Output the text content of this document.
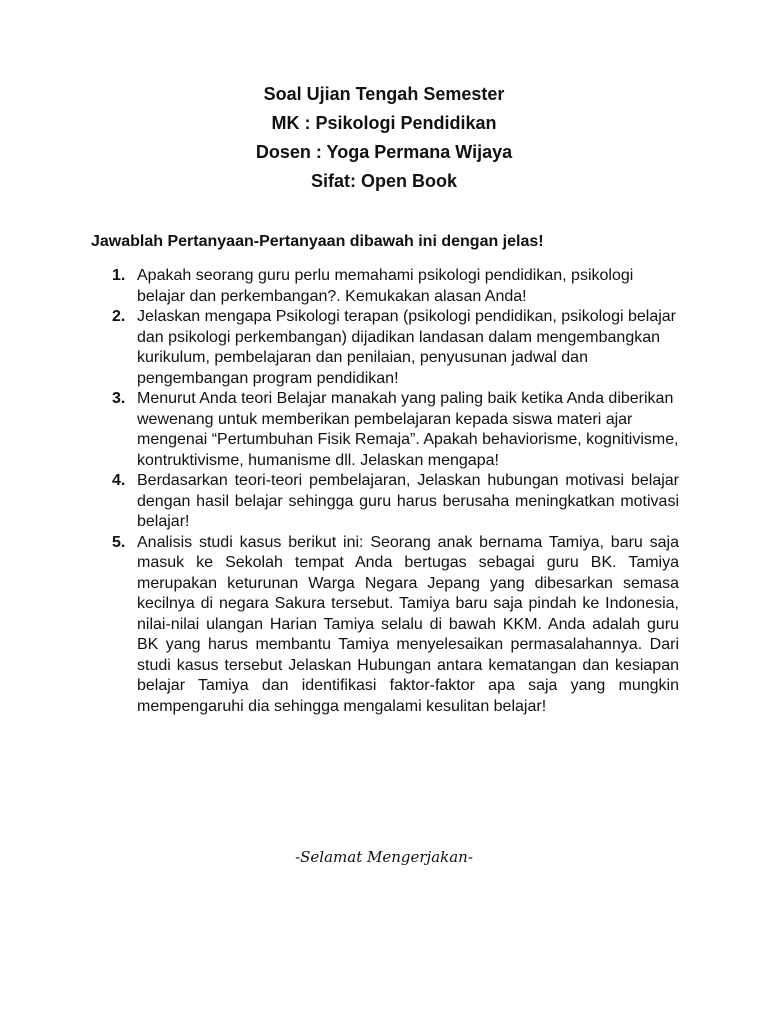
Soal Ujian Tengah Semester

MK : Psikologi Pendidikan

Dosen : Yoga Permana Wijaya

Sifat: Open Book

Jawablah Pertanyaan-Pertanyaan dibawah ini dengan jelas!

1. Apakah seorang guru perlu memahami psikologi pendidikan, psikologi belajar dan perkembangan?. Kemukakan alasan Anda!

2. Jelaskan mengapa Psikologi terapan (psikologi pendidikan, psikologi belajar dan psikologi perkembangan) dijadikan landasan dalam mengembangkan kurikulum, pembelajaran dan penilaian, penyusunan jadwal dan pengembangan program pendidikan!

3. Menurut Anda teori Belajar manakah yang paling baik ketika Anda diberikan wewenang untuk memberikan pembelajaran kepada siswa materi ajar mengenai “Pertumbuhan Fisik Remaja”. Apakah behaviorisme, kognitivisme, kontruktivisme, humanisme dll. Jelaskan mengapa!

4. Berdasarkan teori-teori pembelajaran, Jelaskan hubungan motivasi belajar dengan hasil belajar sehingga guru harus berusaha meningkatkan motivasi belajar!

5. Analisis studi kasus berikut ini: Seorang anak bernama Tamiya, baru saja masuk ke Sekolah tempat Anda bertugas sebagai guru BK. Tamiya merupakan keturunan Warga Negara Jepang yang dibesarkan semasa kecilnya di negara Sakura tersebut. Tamiya baru saja pindah ke Indonesia, nilai-nilai ulangan Harian Tamiya selalu di bawah KKM. Anda adalah guru BK yang harus membantu Tamiya menyelesaikan permasalahannya. Dari studi kasus tersebut Jelaskan Hubungan antara kematangan dan kesiapan belajar Tamiya dan identifikasi faktor-faktor apa saja yang mungkin mempengaruhi dia sehingga mengalami kesulitan belajar!

-Selamat Mengerjakan-
